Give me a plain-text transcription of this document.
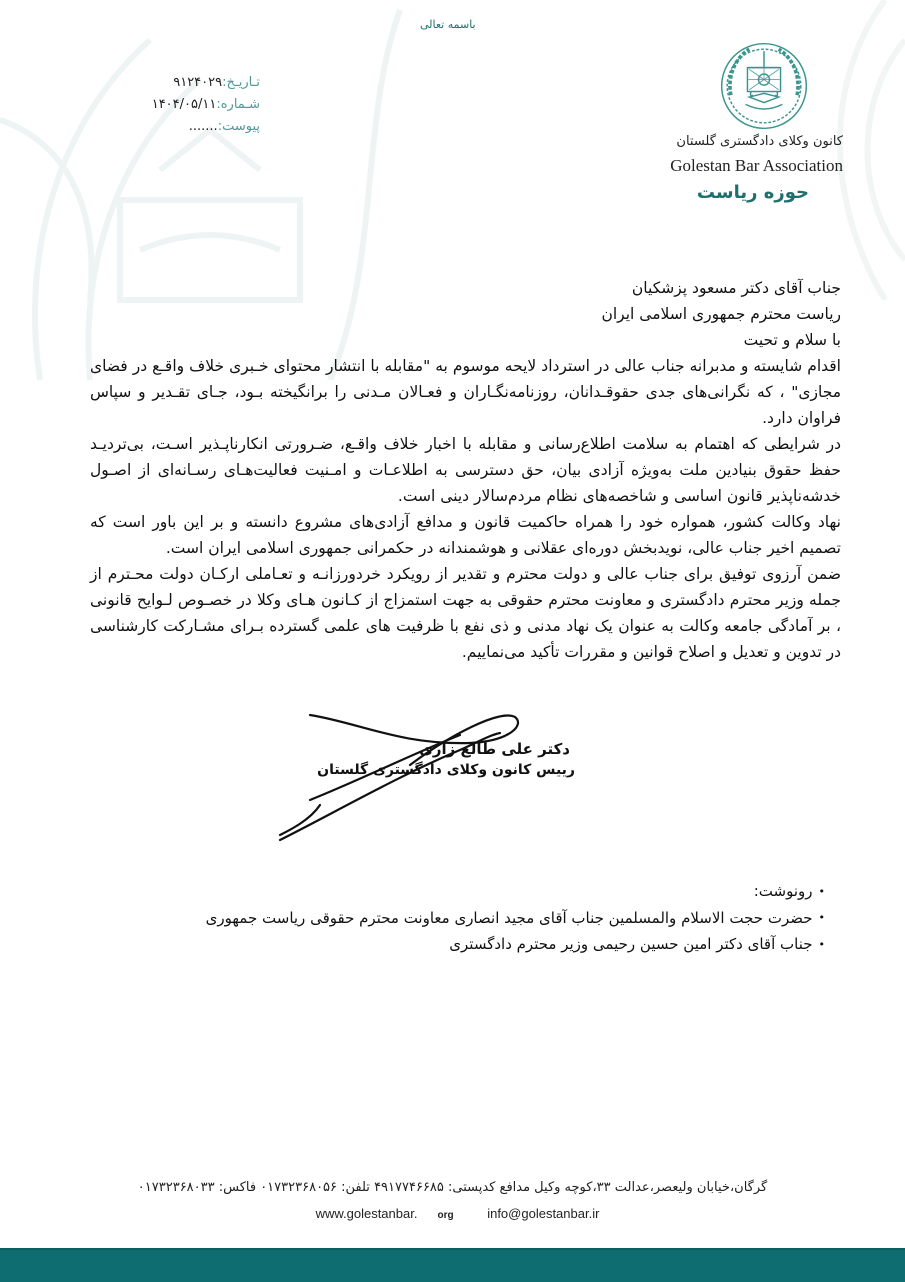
باسمه تعالی
تـاریـخ:۹۱۲۴۰۲۹
شـماره:۱۴۰۴/۰۵/۱۱
پیوست:.......
کانون وکلای دادگستری گلستان
Golestan Bar Association
حوزه ریاست
جناب آقای دکتر مسعود پزشکیان
ریاست محترم جمهوری اسلامی ایران
با سلام و تحیت

اقدام شایسته و مدبرانه جناب عالی در استرداد لایحه موسوم به "مقابله با انتشار محتوای خـبری خلاف واقـع در فضای مجازی" ، که نگرانی‌های جدی حقوقـدانان، روزنامه‌نگـاران و فعـالان مـدنی را برانگیخته بـود، جـای تقـدیر و سپاس فراوان دارد.

در شرایطی که اهتمام به سلامت اطلاع‌رسانی و مقابله با اخبار خلاف واقـع، ضـرورتی انکارناپـذیر اسـت، بی‌تردیـد حفظ حقوق بنیادین ملت به‌ویژه آزادی بیان، حق دسترسی به اطلاعـات و امـنیت فعالیت‌هـای رسـانه‌ای از اصـول خدشه‌ناپذیر قانون اساسی و شاخصه‌های نظام مردم‌سالار دینی است.

نهاد وکالت کشور، همواره خود را همراه حاکمیت قانون و مدافع آزادی‌های مشروع دانسته و بر این باور است که تصمیم اخیر جناب عالی، نویدبخش دوره‌ای عقلانی و هوشمندانه در حکمرانی جمهوری اسلامی ایران است.

ضمن آرزوی توفیق برای جناب عالی و دولت محترم و تقدیر از رویکرد خردورزانـه و تعـاملی ارکـان دولت محـترم از جمله وزیر محترم دادگستری و معاونت محترم حقوقی به جهت استمزاج از کـانون هـای وکلا در خصـوص لـوایح قانونی ، بر آمادگی جامعه وکالت به عنوان یک نهاد مدنی و ذی نفع با ظرفیت های علمی گسترده بـرای مشـارکت کارشناسی در تدوین و تعدیل و اصلاح قوانین و مقررات تأکید می‌نماییم.

دکتر علی طالع زاری
رییس کانون وکلای دادگستری گلستان
• رونوشت:
• حضرت حجت الاسلام والمسلمین جناب آقای مجید انصاری معاونت محترم حقوقی ریاست جمهوری
• جناب آقای دکتر امین حسین رحیمی وزیر محترم دادگستری
گرگان،خیابان ولیعصر،عدالت ۳۳،کوچه وکیل مدافع کدپستی: ۴۹۱۷۷۴۶۶۸۵ تلفن: ۰۱۷۳۲۳۶۸۰۵۶ فاکس: ۰۱۷۳۲۳۶۸۰۳۳
www.golestanbar. org	info@golestanbar.ir
